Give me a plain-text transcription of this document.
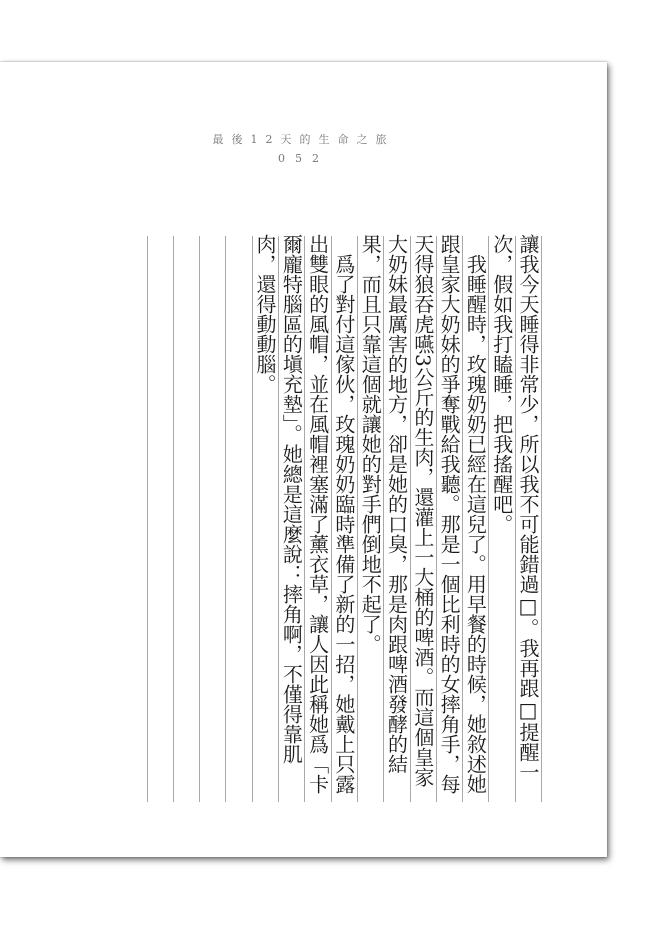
最後12天的生命之旅
052

讓我今天睡得非常少，所以我不可能錯過□。我再跟□提醒一次，假如我打瞌睡，把我搖醒吧。

我睡醒時，玫瑰奶奶已經在這兒了。用早餐的時候，她敘述她跟皇家大奶妹的爭奪戰給我聽。那是一個比利時的女摔角手，每天得狼吞虎嚥3公斤的生肉，還灌上一大桶的啤酒。而這個皇家大奶妹最厲害的地方，卻是她的口臭，那是肉跟啤酒發酵的結果，而且只靠這個就讓她的對手們倒地不起了。

爲了對付這傢伙，玫瑰奶奶臨時準備了新的一招，她戴上只露出雙眼的風帽，並在風帽裡塞滿了薰衣草，讓人因此稱她爲「卡爾龐特腦區的塡充墊」。她總是這麼說：摔角啊，不僅得靠肌肉，還得動動腦。
